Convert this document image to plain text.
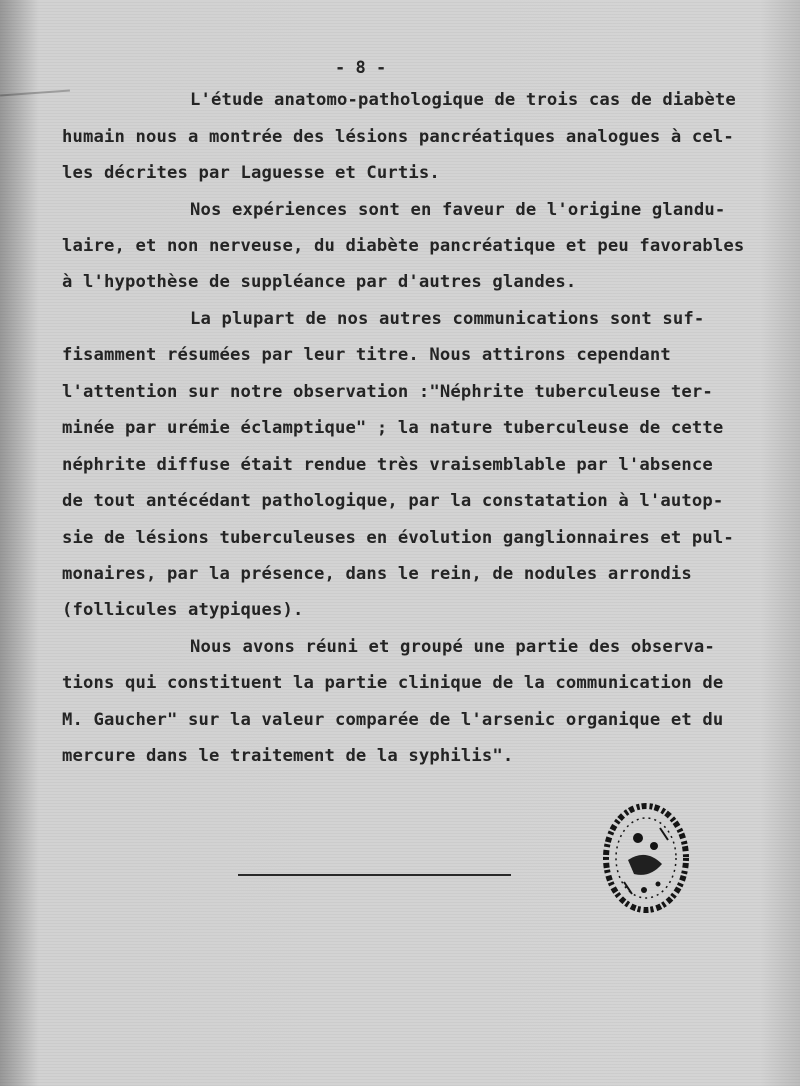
- 8 -
L'étude anatomo-pathologique de trois cas de diabète
humain nous a montrée des lésions pancréatiques analogues à cel-
les décrites par Laguesse et Curtis.
Nos expériences sont en faveur de l'origine glandu-
laire, et non nerveuse, du diabète pancréatique et peu favorables
à l'hypothèse de suppléance par d'autres glandes.
La plupart de nos autres communications sont suf-
fisamment résumées par leur titre. Nous attirons cependant
l'attention sur notre observation :"Néphrite tuberculeuse ter-
minée par urémie éclamptique" ; la nature tuberculeuse de cette
néphrite diffuse était rendue très vraisemblable par l'absence
de tout antécédant pathologique, par la constatation à l'autop-
sie de lésions tuberculeuses en évolution ganglionnaires et pul-
monaires, par la présence, dans le rein, de nodules arrondis
(follicules atypiques).
Nous avons réuni et groupé une partie des observa-
tions qui constituent la partie clinique de la communication de
M. Gaucher" sur la valeur comparée de l'arsenic organique et du
mercure dans le traitement de la syphilis".
